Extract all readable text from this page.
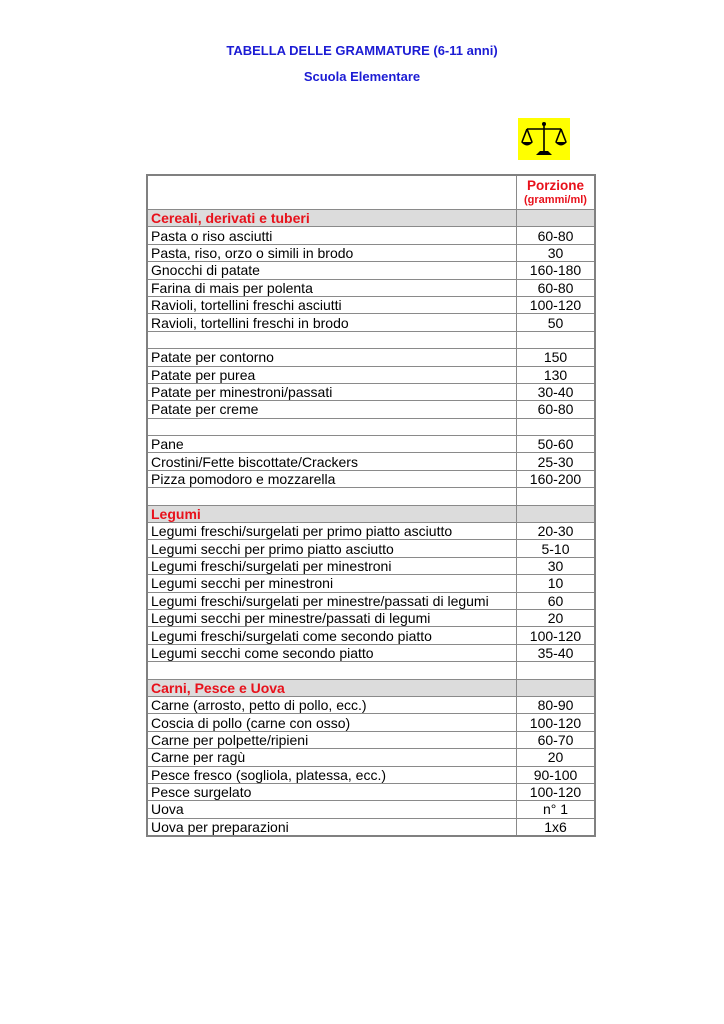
TABELLA DELLE GRAMMATURE (6-11 anni)
Scuola Elementare

	Porzione
(grammi/ml)

Cereali, derivati e tuberi	
Pasta o riso asciutti	60-80
Pasta, riso, orzo o simili in brodo	30
Gnocchi di patate	160-180
Farina di mais per polenta	60-80
Ravioli, tortellini freschi asciutti	100-120
Ravioli, tortellini freschi in brodo	50

Patate per contorno	150
Patate per purea	130
Patate per minestroni/passati	30-40
Patate per creme	60-80

Pane	50-60
Crostini/Fette biscottate/Crackers	25-30
Pizza pomodoro e mozzarella	160-200

Legumi	
Legumi freschi/surgelati per primo piatto asciutto	20-30
Legumi secchi per primo piatto asciutto	5-10
Legumi freschi/surgelati per minestroni	30
Legumi secchi per minestroni	10
Legumi freschi/surgelati per minestre/passati di legumi	60
Legumi secchi per minestre/passati di legumi	20
Legumi freschi/surgelati come secondo piatto	100-120
Legumi secchi come secondo piatto	35-40

Carni, Pesce e Uova	
Carne (arrosto, petto di pollo, ecc.)	80-90
Coscia di pollo (carne con osso)	100-120
Carne per polpette/ripieni	60-70
Carne per ragù	20
Pesce fresco (sogliola, platessa, ecc.)	90-100
Pesce surgelato	100-120
Uova	n° 1
Uova per preparazioni	1x6
